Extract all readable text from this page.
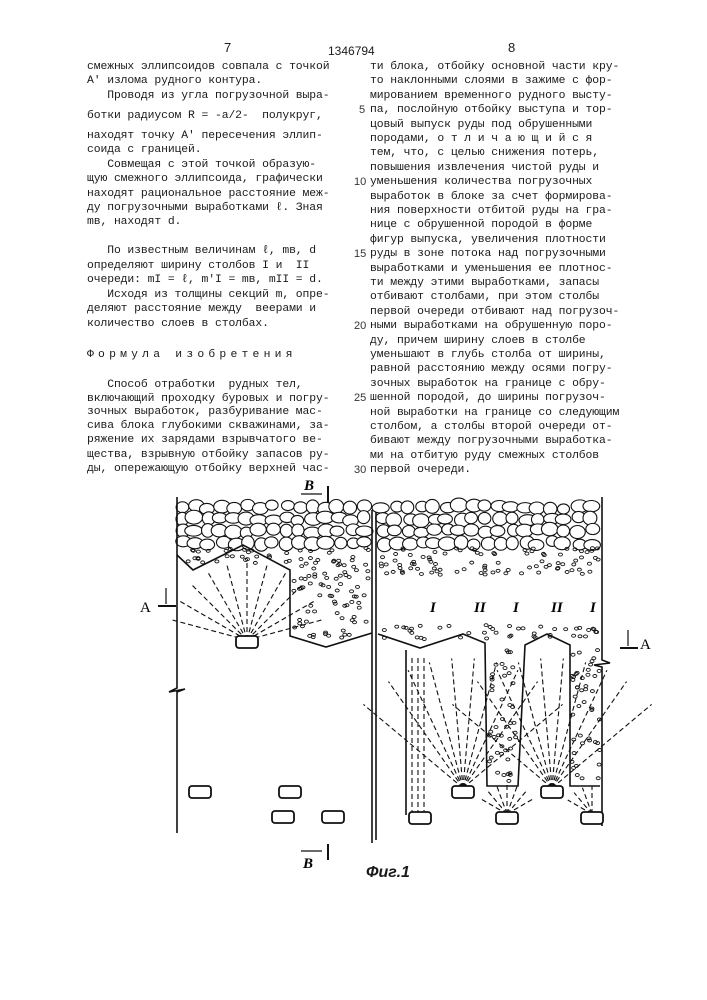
7	1346794	8
смежных эллипсоидов совпала с точкой
A' излома рудного контура.
Проводя из угла погрузочной выра-
ботки радиусом R = -a/2-  полукруг,
находят точку A' пересечения эллип-
соида с границей.
Совмещая с этой точкой образую-
щую смежного эллипсоида, графически
находят рациональное расстояние меж-
ду погрузочными выработками ℓ. Зная
mв, находят d.
По известным величинам ℓ, mв, d
определяют ширину столбов I и  II
очереди: mI = ℓ, m'I = mв, mII = d.
Исходя из толщины секций m, опре-
деляют расстояние между  веерами и
количество слоев в столбах.
Формула изобретения
Способ отработки  рудных тел,
включающий проходку буровых и погру-
зочных выработок, разбуривание мас-
сива блока глубокими скважинами, за-
ряжение их зарядами взрывчатого ве-
щества, взрывную отбойку запасов ру-
ды, опережающую отбойку верхней час-
ти блока, отбойку основной части кру-
то наклонными слоями в зажиме с фор-
мированием временного рудного высту-
па, послойную отбойку выступа и тор-
цовый выпуск руды под обрушенными
породами, о т л и ч а ю щ и й с я
тем, что, с целью снижения потерь,
повышения извлечения чистой руды и
уменьшения количества погрузочных
выработок в блоке за счет формирова-
ния поверхности отбитой руды на гра-
нице с обрушенной породой в форме
фигур выпуска, увеличения плотности
руды в зоне потока над погрузочными
выработками и уменьшения ее плотнос-
ти между этими выработками, запасы
отбивают столбами, при этом столбы
первой очереди отбивают над погрузоч-
ными выработками на обрушенную поро-
ду, причем ширину слоев в столбе
уменьшают в глубь столба от ширины,
равной расстоянию между осями погру-
зочных выработок на границе с обру-
шенной породой, до ширины погрузоч-
ной выработки на границе со следующим
столбом, а столбы второй очереди от-
бивают между погрузочными выработка-
ми на отбитую руду смежных столбов
первой очереди.
5
10
15
20
25
30
В
В
А
А
I	II I II I
Фиг.1
